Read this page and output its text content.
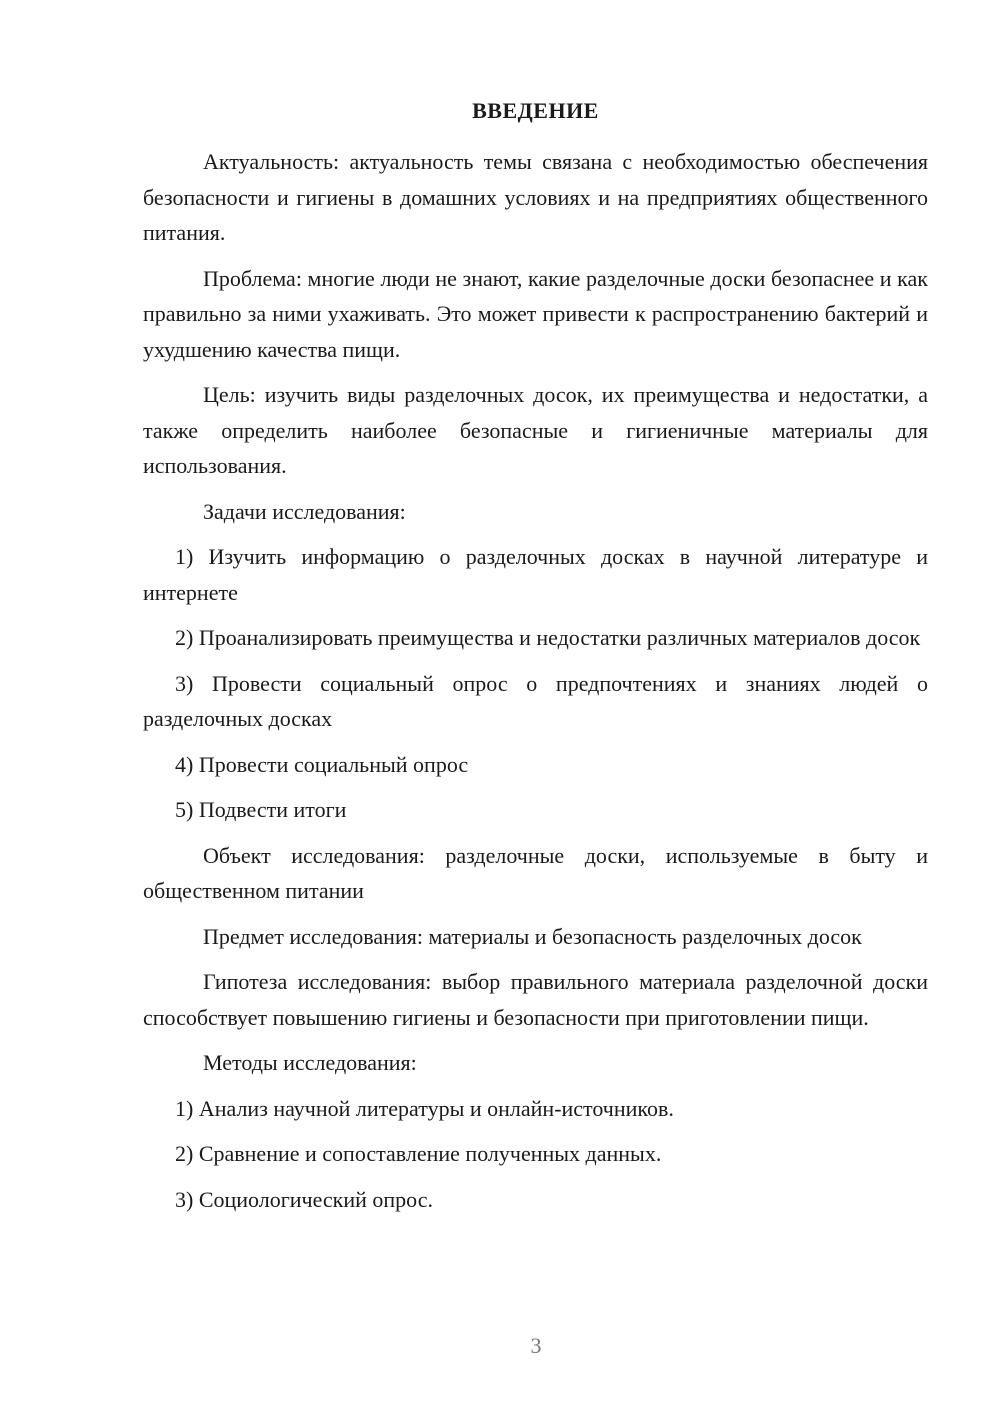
ВВЕДЕНИЕ
Актуальность: актуальность темы связана с необходимостью обеспечения безопасности и гигиены в домашних условиях и на предприятиях общественного питания.
Проблема: многие люди не знают, какие разделочные доски безопаснее и как правильно за ними ухаживать. Это может привести к распространению бактерий и ухудшению качества пищи.
Цель: изучить виды разделочных досок, их преимущества и недостатки, а также определить наиболее безопасные и гигиеничные материалы для использования.
Задачи исследования:
1) Изучить информацию о разделочных досках в научной литературе и интернете
2) Проанализировать преимущества и недостатки различных материалов досок
3) Провести социальный опрос о предпочтениях и знаниях людей о разделочных досках
4) Провести социальный опрос
5) Подвести итоги
Объект исследования: разделочные доски, используемые в быту и общественном питании
Предмет исследования: материалы и безопасность разделочных досок
Гипотеза исследования: выбор правильного материала разделочной доски способствует повышению гигиены и безопасности при приготовлении пищи.
Методы исследования:
1) Анализ научной литературы и онлайн-источников.
2) Сравнение и сопоставление полученных данных.
3) Социологический опрос.
3
